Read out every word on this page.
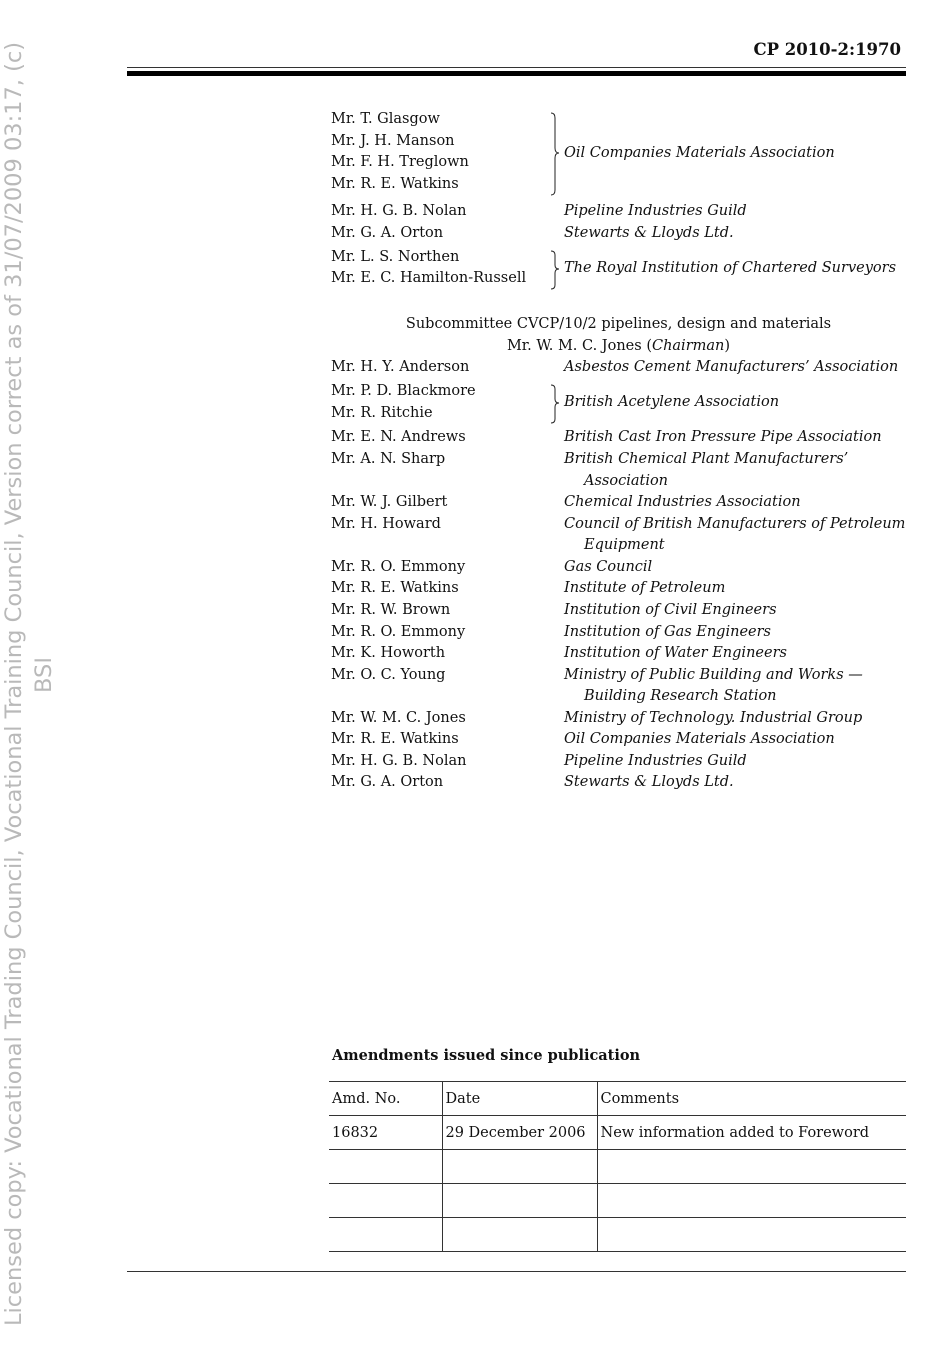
Licensed copy: Vocational Trading Council, Vocational Training Council, Version correct as of 31/07/2009 03:17, (c) BSI
CP 2010-2:1970
Mr. T. Glasgow
Mr. J. H. Manson
Mr. F. H. Treglown
Mr. R. E. Watkins
Oil Companies Materials Association
Mr. H. G. B. Nolan	Pipeline Industries Guild
Mr. G. A. Orton	Stewarts & Lloyds Ltd.
Mr. L. S. Northen
Mr. E. C. Hamilton-Russell
The Royal Institution of Chartered Surveyors
Subcommittee CVCP/10/2 pipelines, design and materials
Mr. W. M. C. Jones (Chairman)
Mr. H. Y. Anderson	Asbestos Cement Manufacturers’ Association
Mr. P. D. Blackmore
Mr. R. Ritchie
British Acetylene Association
Mr. E. N. Andrews	British Cast Iron Pressure Pipe Association
Mr. A. N. Sharp	British Chemical Plant Manufacturers’
Association
Mr. W. J. Gilbert	Chemical Industries Association
Mr. H. Howard	Council of British Manufacturers of Petroleum
Equipment
Mr. R. O. Emmony	Gas Council
Mr. R. E. Watkins	Institute of Petroleum
Mr. R. W. Brown	Institution of Civil Engineers
Mr. R. O. Emmony	Institution of Gas Engineers
Mr. K. Howorth	Institution of Water Engineers
Mr. O. C. Young	Ministry of Public Building and Works —
Building Research Station
Mr. W. M. C. Jones	Ministry of Technology. Industrial Group
Mr. R. E. Watkins	Oil Companies Materials Association
Mr. H. G. B. Nolan	Pipeline Industries Guild
Mr. G. A. Orton	Stewarts & Lloyds Ltd.
Amendments issued since publication
Amd. No.	Date	Comments
16832	29 December 2006	New information added to Foreword
